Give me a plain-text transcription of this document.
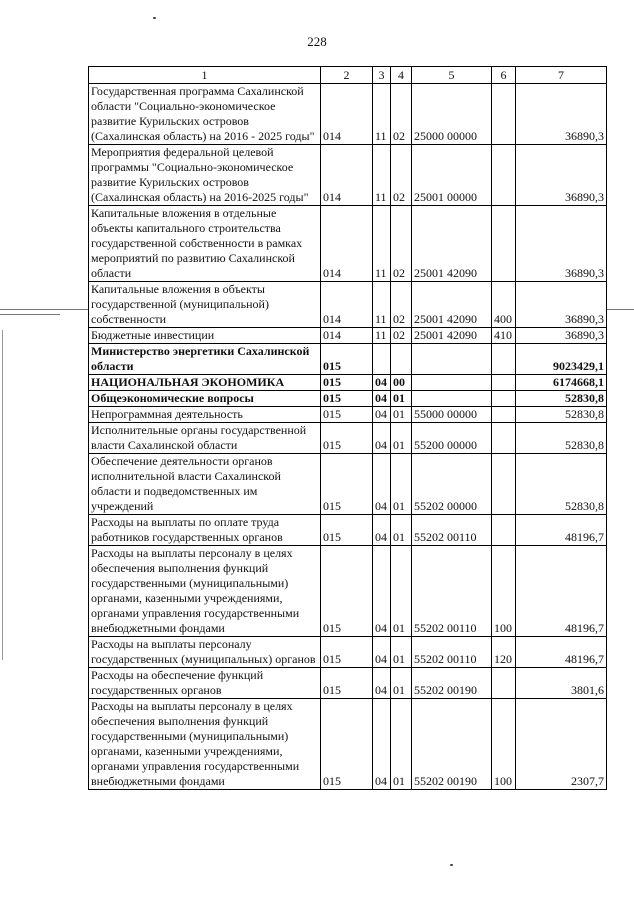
228
1	2	3	4	5	6	7
Государственная программа Сахалинской области "Социально-экономическое развитие Курильских островов (Сахалинская область) на 2016 - 2025 годы"	014	11	02	25000 00000		36890,3
Мероприятия федеральной целевой программы "Социально-экономическое развитие Курильских островов (Сахалинская область) на 2016-2025 годы"	014	11	02	25001 00000		36890,3
Капитальные вложения в отдельные объекты капитального строительства государственной собственности в рамках мероприятий по развитию Сахалинской области	014	11	02	25001 42090		36890,3
Капитальные вложения в объекты государственной (муниципальной) собственности	014	11	02	25001 42090	400	36890,3
Бюджетные инвестиции	014	11	02	25001 42090	410	36890,3
Министерство энергетики Сахалинской области	015					9023429,1
НАЦИОНАЛЬНАЯ ЭКОНОМИКА	015	04	00			6174668,1
Общеэкономические вопросы	015	04	01			52830,8
Непрограммная деятельность	015	04	01	55000 00000		52830,8
Исполнительные органы государственной власти Сахалинской области	015	04	01	55200 00000		52830,8
Обеспечение деятельности органов исполнительной власти Сахалинской области и подведомственных им учреждений	015	04	01	55202 00000		52830,8
Расходы на выплаты по оплате труда работников государственных органов	015	04	01	55202 00110		48196,7
Расходы на выплаты персоналу в целях обеспечения выполнения функций государственными (муниципальными) органами, казенными учреждениями, органами управления государственными внебюджетными фондами	015	04	01	55202 00110	100	48196,7
Расходы на выплаты персоналу государственных (муниципальных) органов	015	04	01	55202 00110	120	48196,7
Расходы на обеспечение функций государственных органов	015	04	01	55202 00190		3801,6
Расходы на выплаты персоналу в целях обеспечения выполнения функций государственными (муниципальными) органами, казенными учреждениями, органами управления государственными внебюджетными фондами	015	04	01	55202 00190	100	2307,7
